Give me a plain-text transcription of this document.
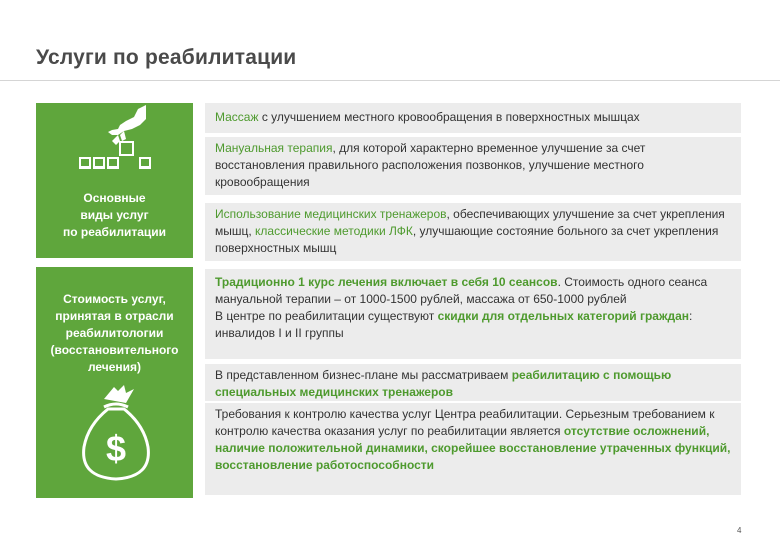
Услуги по реабилитации
Основные
виды услуг
по реабилитации
Стоимость услуг,
принятая в отрасли
реабилитологии
(восстановительного
лечения)
$
Массаж с улучшением местного кровообращения в поверхностных мышцах
Мануальная терапия, для которой характерно временное улучшение за счет восстановления правильного расположения позвонков, улучшение местного кровообращения
Использование медицинских тренажеров, обеспечивающих улучшение за счет укрепления мышц, классические методики ЛФК, улучшающие состояние больного за счет укрепления поверхностных мышц
Традиционно 1 курс лечения включает в себя 10 сеансов. Стоимость одного сеанса мануальной терапии – от 1000-1500 рублей, массажа от 650-1000 рублей
В центре по реабилитации существуют скидки для отдельных категорий граждан: инвалидов I и II группы
В представленном бизнес-плане мы рассматриваем реабилитацию с помощью специальных медицинских тренажеров
Требования к контролю качества услуг Центра реабилитации. Серьезным требованием к контролю качества оказания услуг по реабилитации является отсутствие осложнений, наличие положительной динамики, скорейшее восстановление утраченных функций, восстановление работоспособности
4
